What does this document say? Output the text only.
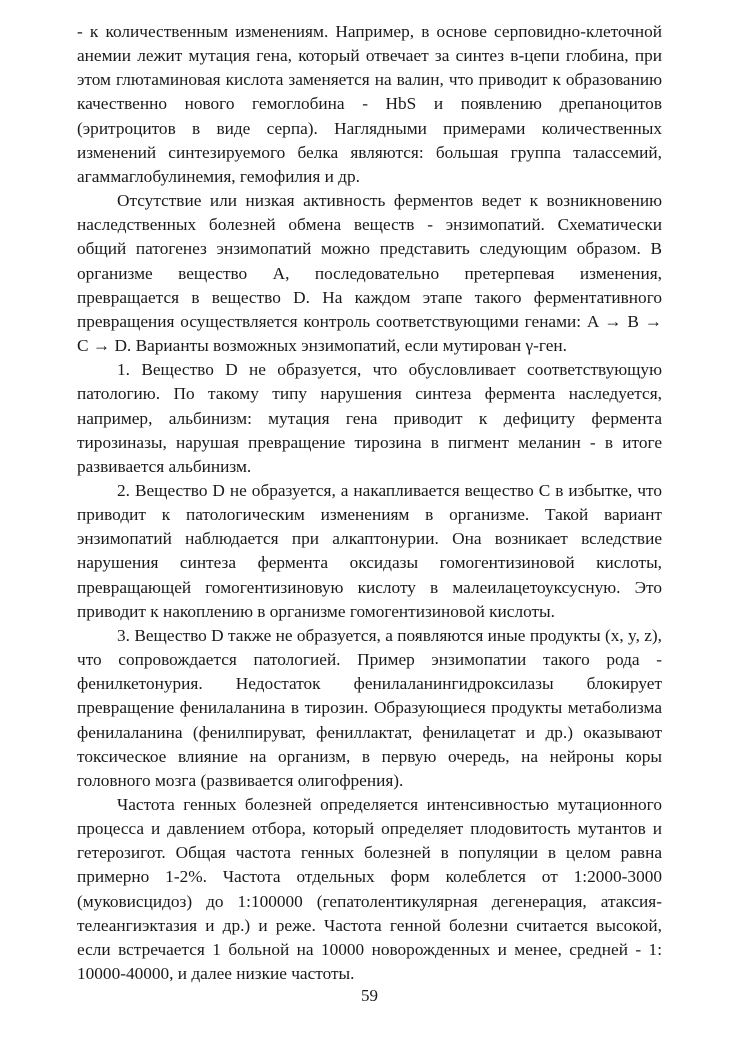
- к количественным изменениям. Например, в основе серповидно-клеточной анемии лежит мутация гена, который отвечает за синтез в-цепи глобина, при этом глютаминовая кислота заменяется на валин, что приводит к образованию качественно нового гемоглобина - HbS и появлению дрепаноцитов (эритроцитов в виде серпа). Наглядными примерами количественных изменений синтезируемого белка являются: большая группа талассемий, агаммаглобулинемия, гемофилия и др.

Отсутствие или низкая активность ферментов ведет к возникновению наследственных болезней обмена веществ - энзимопатий. Схематически общий патогенез энзимопатий можно представить следующим образом. В организме вещество A, последовательно претерпевая изменения, превращается в вещество D. На каждом этапе такого ферментативного превращения осуществляется контроль соответствующими генами: A → B → C → D. Варианты возможных энзимопатий, если мутирован γ-ген.

1. Вещество D не образуется, что обусловливает соответствующую патологию. По такому типу нарушения синтеза фермента наследуется, например, альбинизм: мутация гена приводит к дефициту фермента тирозиназы, нарушая превращение тирозина в пигмент меланин - в итоге развивается альбинизм.

2. Вещество D не образуется, а накапливается вещество C в избытке, что приводит к патологическим изменениям в организме. Такой вариант энзимопатий наблюдается при алкаптонурии. Она возникает вследствие нарушения синтеза фермента оксидазы гомогентизиновой кислоты, превращающей гомогентизиновую кислоту в малеилацетоуксусную. Это приводит к накоплению в организме гомогентизиновой кислоты.

3. Вещество D также не образуется, а появляются иные продукты (x, y, z), что сопровождается патологией. Пример энзимопатии такого рода - фенилкетонурия. Недостаток фенилаланингидроксилазы блокирует превращение фенилаланина в тирозин. Образующиеся продукты метаболизма фенилаланина (фенилпируват, фениллактат, фенилацетат и др.) оказывают токсическое влияние на организм, в первую очередь, на нейроны коры головного мозга (развивается олигофрения).

Частота генных болезней определяется интенсивностью мутационного процесса и давлением отбора, который определяет плодовитость мутантов и гетерозигот. Общая частота генных болезней в популяции в целом равна примерно 1-2%. Частота отдельных форм колеблется от 1:2000-3000 (муковисцидоз) до 1:100000 (гепатолентикулярная дегенерация, атаксия-телеангиэктазия и др.) и реже. Частота генной болезни считается высокой, если встречается 1 больной на 10000 новорожденных и менее, средней - 1: 10000-40000, и далее низкие частоты.

59
